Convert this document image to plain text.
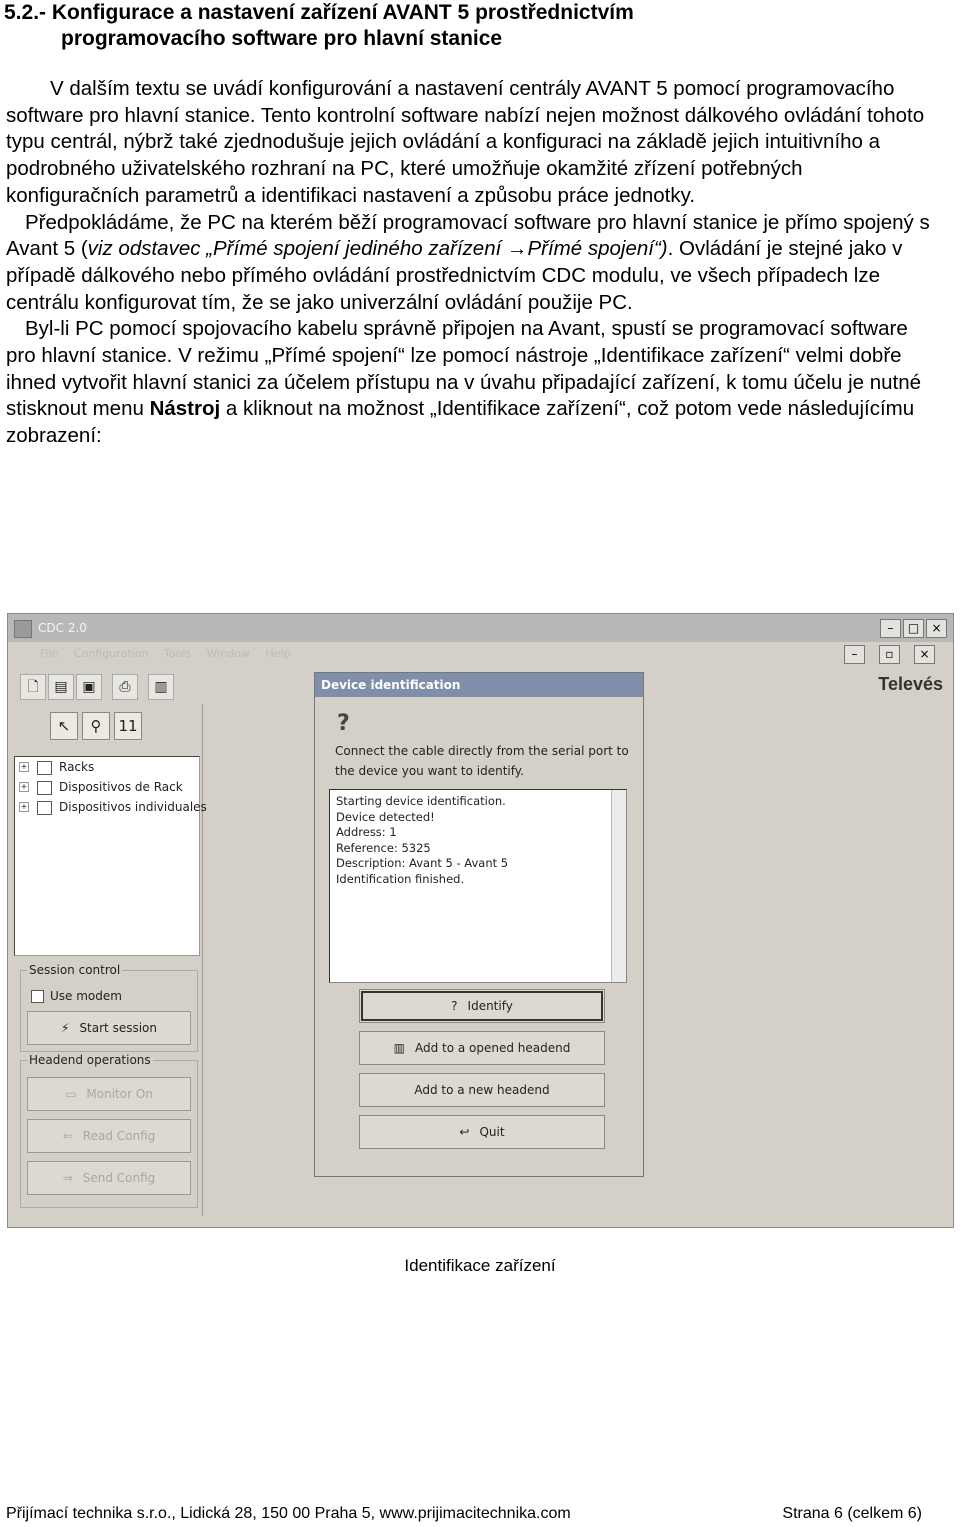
5.2.- Konfigurace a nastavení zařízení AVANT 5 prostřednictvím
programovacího software pro hlavní stanice

V dalším textu se uvádí konfigurování a nastavení centrály AVANT 5 pomocí programovacího software pro hlavní stanice. Tento kontrolní software nabízí nejen možnost dálkového ovládání tohoto typu centrál, nýbrž také zjednodušuje jejich ovládání a konfiguraci na základě jejich intuitivního a podrobného uživatelského rozhraní na PC, které umožňuje okamžité zřízení potřebných konfiguračních parametrů a identifikaci nastavení a způsobu práce jednotky.

Předpokládáme, že PC na kterém běží programovací software pro hlavní stanice je přímo spojený s Avant 5 (viz odstavec „Přímé spojení jediného zařízení →Přímé spojení“). Ovládání je stejné jako v případě dálkového nebo přímého ovládání prostřednictvím CDC modulu, ve všech případech lze centrálu konfigurovat tím, že se jako univerzální ovládání použije PC.

Byl-li PC pomocí spojovacího kabelu správně připojen na Avant, spustí se programovací software pro hlavní stanice. V režimu „Přímé spojení“ lze pomocí nástroje „Identifikace zařízení“ velmi dobře ihned vytvořit hlavní stanici za účelem přístupu na v úvahu připadající zařízení, k tomu účelu je nutné stisknout menu Nástroj a kliknout na možnost „Identifikace zařízení“, což potom vede následujícímu zobrazení:

CDC 2.0	–	□	×
File Configuration Tools Window Help	–	▫	×
🗋	▤	▣	⎙	▥	Televés
↖	⚲	11
+	Racks
+	Dispositivos de Rack
+	Dispositivos individuales
Session control
Use modem
⚡ Start session
Headend operations
▭ Monitor On
⇐ Read Config
⇒ Send Config
Device identification
?
Connect the cable directly from the serial port to the device you want to identify.
Starting device identification.
Device detected!
Address: 1
Reference: 5325
Description: Avant 5 - Avant 5
Identification finished.
? Identify
▥ Add to a opened headend
Add to a new headend
↩ Quit
Identifikace zařízení
Přijímací technika s.r.o., Lidická 28, 150 00 Praha 5, www.prijimacitechnika.com	Strana 6 (celkem 6)
